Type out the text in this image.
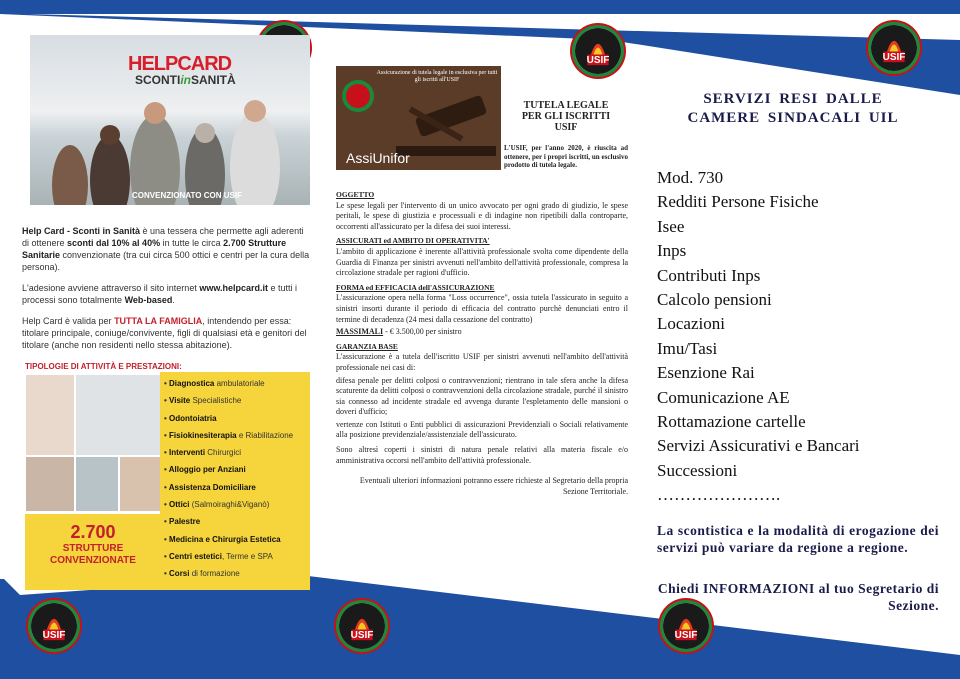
USIF	USIF
USIF	USIF	USIF
HELPCARD
SCONTIinSANITÀ
CONVENZIONATO CON USIF

Help Card - Sconti in Sanità è una tessera che permette agli aderenti di ottenere sconti dal 10% al 40% in tutte le circa 2.700 Strutture Sanitarie convenzionate (tra cui circa 500 ottici e centri per la cura della persona).

L'adesione avviene attraverso il sito internet www.helpcard.it e tutti i processi sono totalmente Web-based.

Help Card è valida per TUTTA LA FAMIGLIA, intendendo per essa: titolare principale, coniuge/convivente, figli di qualsiasi età e genitori del titolare (anche non residenti nello stessa abitazione).

TIPOLOGIE DI ATTIVITÀ E PRESTAZIONI:
• Diagnostica ambulatoriale
• Visite Specialistiche
• Odontoiatria
• Fisiokinesiterapia e Riabilitazione
• Interventi Chirurgici
• Alloggio per Anziani
• Assistenza Domiciliare
• Ottici (Salmoiraghi&Viganò)
• Palestre
• Medicina e Chirurgia Estetica
• Centri estetici, Terme e SPA
• Corsi di formazione
2.700
STRUTTURE
CONVENZIONATE
Assicurazione di tutela legale in esclusiva per tutti gli iscritti all'USIF
AssiUnifor
TUTELA LEGALE
PER GLI ISCRITTI
USIF
L'USIF, per l'anno 2020, è riuscita ad ottenere, per i propri iscritti, un esclusivo prodotto di tutela legale.
OGGETTO

Le spese legali per l'intervento di un unico avvocato per ogni grado di giudizio, le spese peritali, le spese di giustizia e processuali e di indagine non ripetibili dalla controparte, occorrenti all'assicurato per la difesa dei suoi interessi.

ASSICURATI ed AMBITO DI OPERATIVITA'

L'ambito di applicazione è inerente all'attività professionale svolta come dipendente della Guardia di Finanza per sinistri avvenuti nell'ambito dell'attività professionale, compresa la circolazione stradale per ragioni d'ufficio.

FORMA ed EFFICACIA dell'ASSICURAZIONE

L'assicurazione opera nella forma "Loss occurrence", ossia tutela l'assicurato in seguito a sinistri insorti durante il periodo di efficacia del contratto purchè denunciati entro il termine di decadenza (24 mesi dalla cessazione del contratto)

MASSIMALI - € 3.500,00 per sinistro

GARANZIA BASE

L'assicurazione è a tutela dell'iscritto USIF per sinistri avvenuti nell'ambito dell'attività professionale nei casi di:

difesa penale per delitti colposi o contravvenzioni; rientrano in tale sfera anche la difesa scaturente da delitti colposi o contravvenzioni della circolazione stradale, purché il sinistro sia connesso ad incidente stradale ed avvenga durante l'espletamento delle mansioni o doveri d'ufficio;

vertenze con Istituti o Enti pubblici di assicurazioni Previdenziali o Sociali relativamente alla posizione previdenziale/assistenziale dell'assicurato.

Sono altresì coperti i sinistri di natura penale relativi alla materia fiscale e/o amministrativa occorsi nell'ambito dell'attività professionale.

Eventuali ulteriori informazioni potranno essere richieste al Segretario della propria Sezione Territoriale.

SERVIZI RESI DALLE
CAMERE SINDACALI UIL
Mod. 730
Redditi Persone Fisiche
Isee
Inps
Contributi Inps
Calcolo pensioni
Locazioni
Imu/Tasi
Esenzione Rai
Comunicazione AE
Rottamazione cartelle
Servizi Assicurativi e Bancari
Successioni
………………….
La scontistica e la modalità di erogazione dei servizi può variare da regione a regione.
Chiedi INFORMAZIONI al tuo Segretario di Sezione.
